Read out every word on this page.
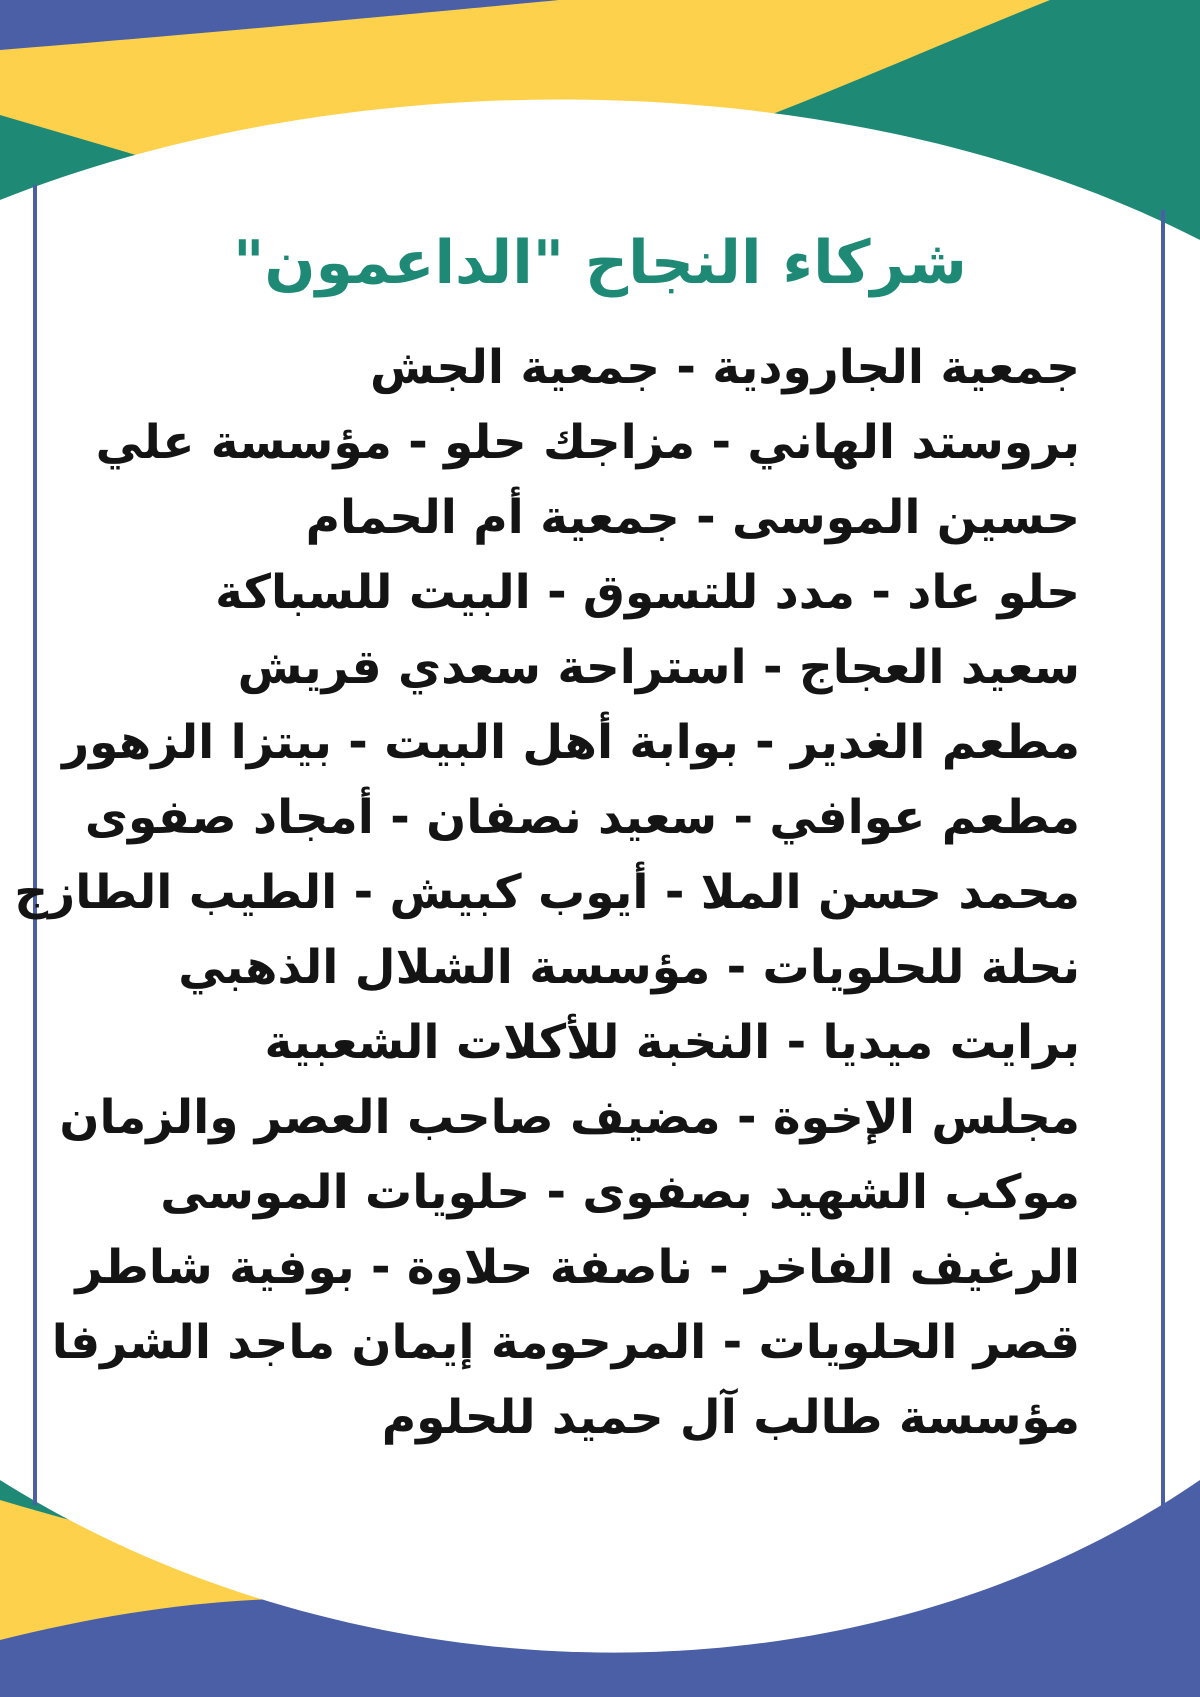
شركاء النجاح "الداعمون"
جمعية الجارودية - جمعية الجش
بروستد الهاني - مزاجك حلو - مؤسسة علي
حسين الموسى - جمعية أم الحمام
حلو عاد - مدد للتسوق - البيت للسباكة
سعيد العجاج - استراحة سعدي قريش
مطعم الغدير - بوابة أهل البيت - بيتزا الزهور
مطعم عوافي - سعيد نصفان - أمجاد صفوى
محمد حسن الملا - أيوب كبيش - الطيب الطازج
نحلة للحلويات - مؤسسة الشلال الذهبي
برايت ميديا - النخبة للأكلات الشعبية
مجلس الإخوة - مضيف صاحب العصر والزمان
موكب الشهيد بصفوى - حلويات الموسى
الرغيف الفاخر - ناصفة حلاوة - بوفية شاطر
قصر الحلويات - المرحومة إيمان ماجد الشرفا
مؤسسة طالب آل حميد للحلوم
